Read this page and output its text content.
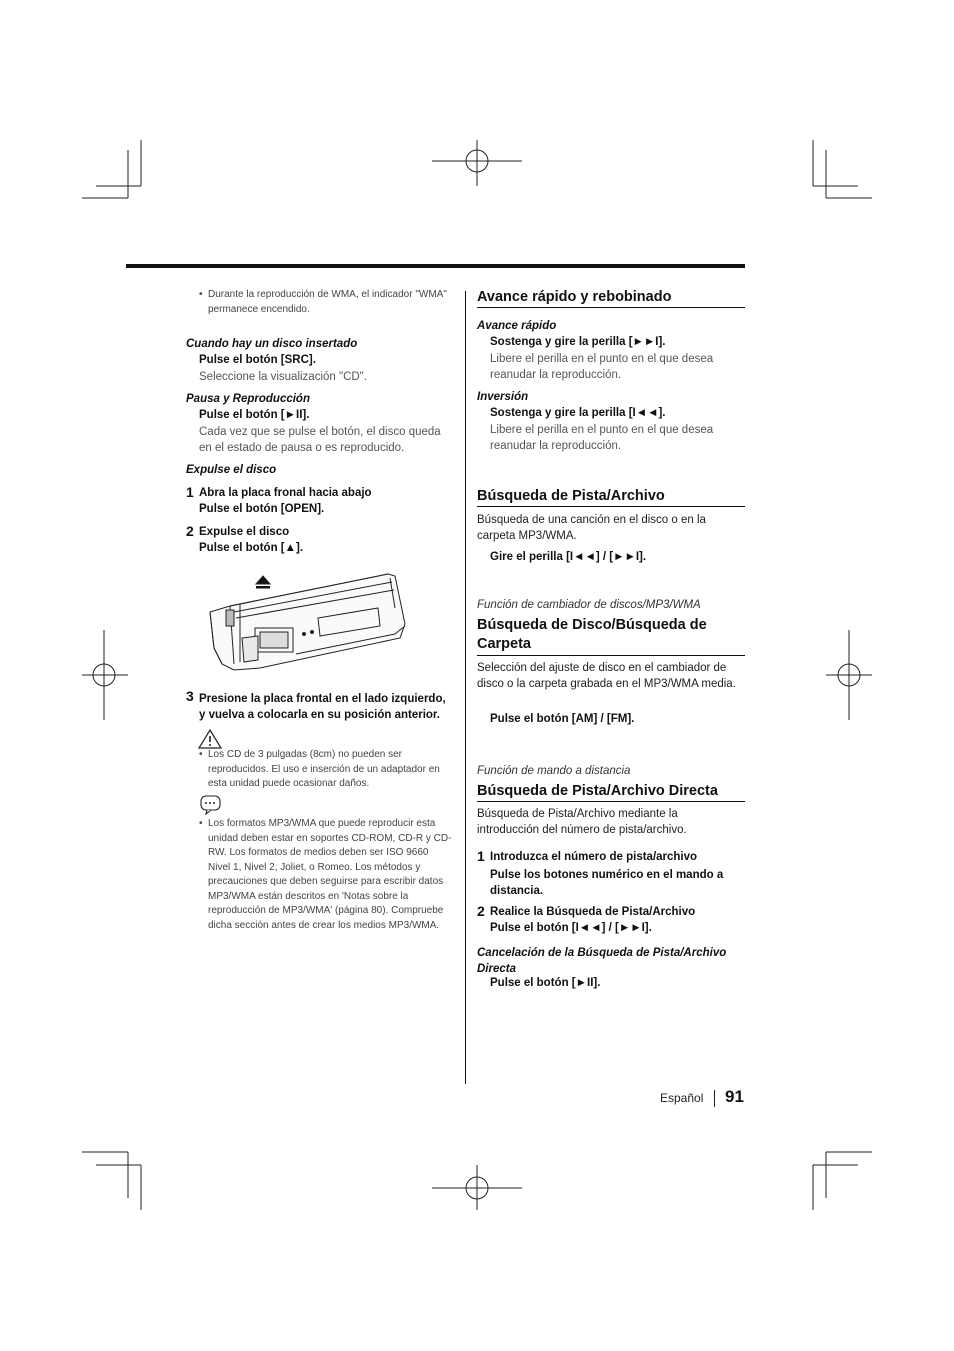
• Durante la reproducción de WMA, el indicador "WMA" permanece encendido.
Cuando hay un disco insertado
Pulse el botón [SRC].
Seleccione la visualización "CD".
Pausa y Reproducción
Pulse el botón [►II].
Cada vez que se pulse el botón, el disco queda en el estado de pausa o es reproducido.
Expulse el disco
1 Abra la placa fronal hacia abajo
Pulse el botón [OPEN].
2 Expulse el disco
Pulse el botón [▲].
3 Presione la placa frontal en el lado izquierdo, y vuelva a colocarla en su posición anterior.
• Los CD de 3 pulgadas (8cm) no pueden ser reproducidos. El uso e inserción de un adaptador en esta unidad puede ocasionar daños.
• Los formatos MP3/WMA que puede reproducir esta unidad deben estar en soportes CD-ROM, CD-R y CD-RW. Los formatos de medios deben ser ISO 9660 Nivel 1, Nivel 2, Joliet, o Romeo. Los métodos y precauciones que deben seguirse para escribir datos MP3/WMA están descritos en 'Notas sobre la reproducción de MP3/WMA' (página 80). Compruebe dicha sección antes de crear los medios MP3/WMA.
Avance rápido y rebobinado
Avance rápido
Sostenga y gire la perilla [►►I].
Libere el perilla en el punto en el que desea reanudar la reproducción.
Inversión
Sostenga y gire la perilla [I◄◄].
Libere el perilla en el punto en el que desea reanudar la reproducción.
Búsqueda de Pista/Archivo
Búsqueda de una canción en el disco o en la carpeta MP3/WMA.
Gire el perilla [I◄◄] / [►►I].
Función de cambiador de discos/MP3/WMA
Búsqueda de Disco/Búsqueda de Carpeta
Selección del ajuste de disco en el cambiador de disco o la carpeta grabada en el MP3/WMA media.
Pulse el botón [AM] / [FM].
Función de mando a distancia
Búsqueda de Pista/Archivo Directa
Búsqueda de Pista/Archivo mediante la introducción del número de pista/archivo.
1 Introduzca el número de pista/archivo
Pulse los botones numérico en el mando a distancia.
2 Realice la Búsqueda de Pista/Archivo
Pulse el botón [I◄◄] / [►►I].
Cancelación de la Búsqueda de Pista/Archivo Directa
Pulse el botón [►II].
Español 91
